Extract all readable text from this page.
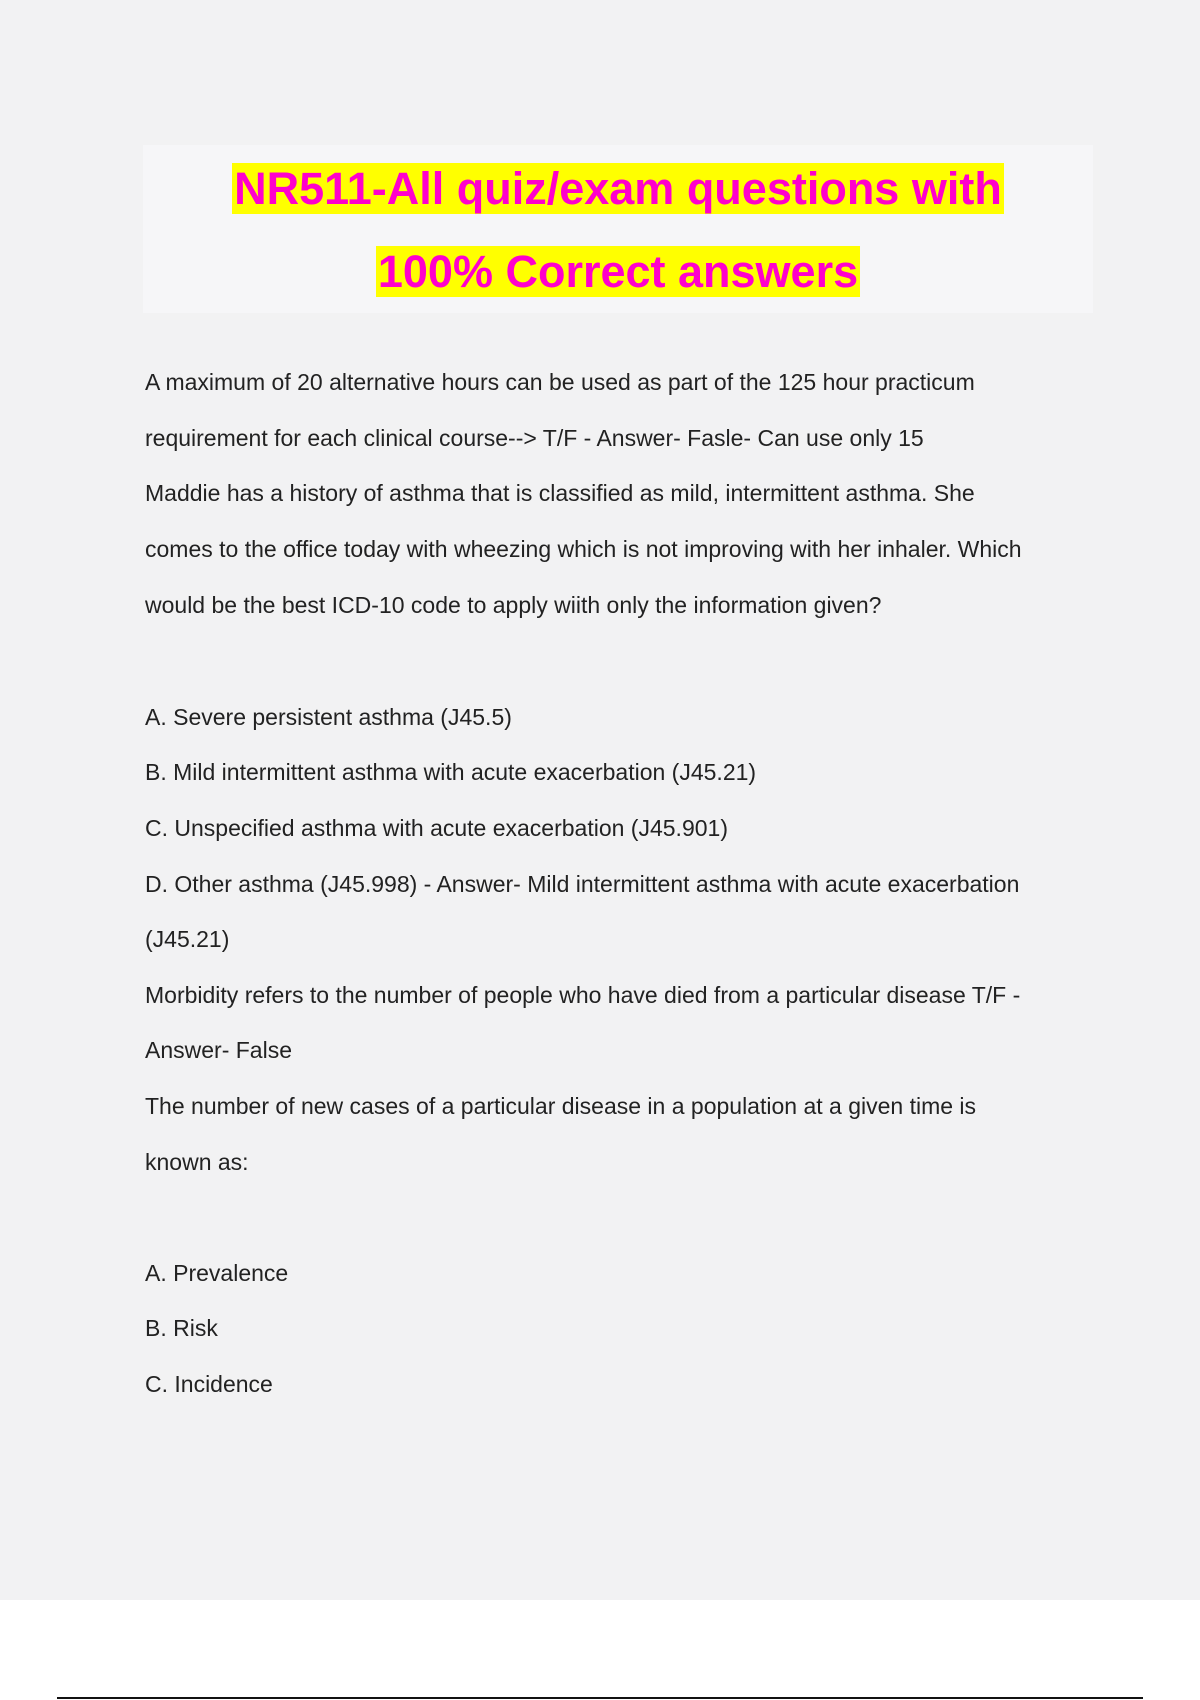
NR511-All quiz/exam questions with
100% Correct answers
A maximum of 20 alternative hours can be used as part of the 125 hour practicum
requirement for each clinical course--> T/F - Answer- Fasle- Can use only 15
Maddie has a history of asthma that is classified as mild, intermittent asthma. She
comes to the office today with wheezing which is not improving with her inhaler. Which
would be the best ICD-10 code to apply wiith only the information given?
A. Severe persistent asthma (J45.5)
B. Mild intermittent asthma with acute exacerbation (J45.21)
C. Unspecified asthma with acute exacerbation (J45.901)
D. Other asthma (J45.998) - Answer- Mild intermittent asthma with acute exacerbation
(J45.21)
Morbidity refers to the number of people who have died from a particular disease T/F -
Answer- False
The number of new cases of a particular disease in a population at a given time is
known as:
A. Prevalence
B. Risk
C. Incidence
